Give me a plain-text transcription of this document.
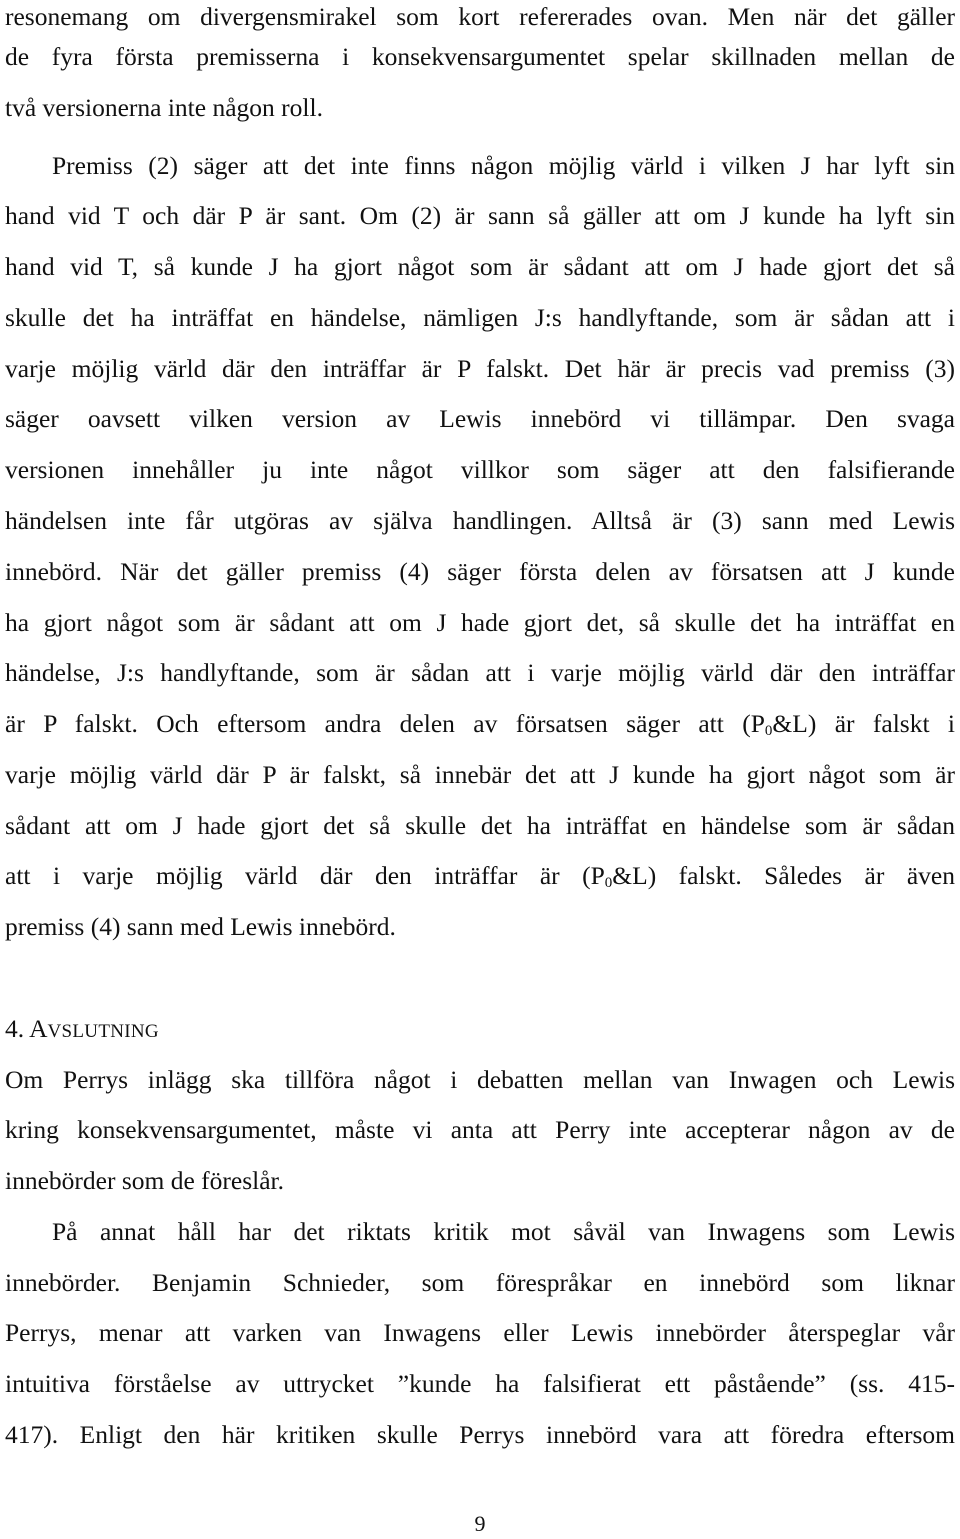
resonemang om divergensmirakel som kort refererades ovan. Men när det gäller
de fyra första premisserna i konsekvensargumentet spelar skillnaden mellan de
två versionerna inte någon roll.
Premiss (2) säger att det inte finns någon möjlig värld i vilken J har lyft sin
hand vid T och där P är sant. Om (2) är sann så gäller att om J kunde ha lyft sin
hand vid T, så kunde J ha gjort något som är sådant att om J hade gjort det så
skulle det ha inträffat en händelse, nämligen J:s handlyftande, som är sådan att i
varje möjlig värld där den inträffar är P falskt. Det här är precis vad premiss (3)
säger oavsett vilken version av Lewis innebörd vi tillämpar. Den svaga
versionen innehåller ju inte något villkor som säger att den falsifierande
händelsen inte får utgöras av själva handlingen. Alltså är (3) sann med Lewis
innebörd. När det gäller premiss (4) säger första delen av försatsen att J kunde
ha gjort något som är sådant att om J hade gjort det, så skulle det ha inträffat en
händelse, J:s handlyftande, som är sådan att i varje möjlig värld där den inträffar
är P falskt. Och eftersom andra delen av försatsen säger att $(P_0\&L)$ är falskt i
varje möjlig värld där P är falskt, så innebär det att J kunde ha gjort något som är
sådant att om J hade gjort det så skulle det ha inträffat en händelse som är sådan
att i varje möjlig värld där den inträffar är $(P_0\&L)$ falskt. Således är även
premiss (4) sann med Lewis innebörd.
4. AVSLUTNING
Om Perrys inlägg ska tillföra något i debatten mellan van Inwagen och Lewis
kring konsekvensargumentet, måste vi anta att Perry inte accepterar någon av de
innebörder som de föreslår.
På annat håll har det riktats kritik mot såväl van Inwagens som Lewis
innebörder. Benjamin Schnieder, som förespråkar en innebörd som liknar
Perrys, menar att varken van Inwagens eller Lewis innebörder återspeglar vår
intuitiva förståelse av uttrycket ”kunde ha falsifierat ett påstående” (ss. 415-
417). Enligt den här kritiken skulle Perrys innebörd vara att föredra eftersom
9
